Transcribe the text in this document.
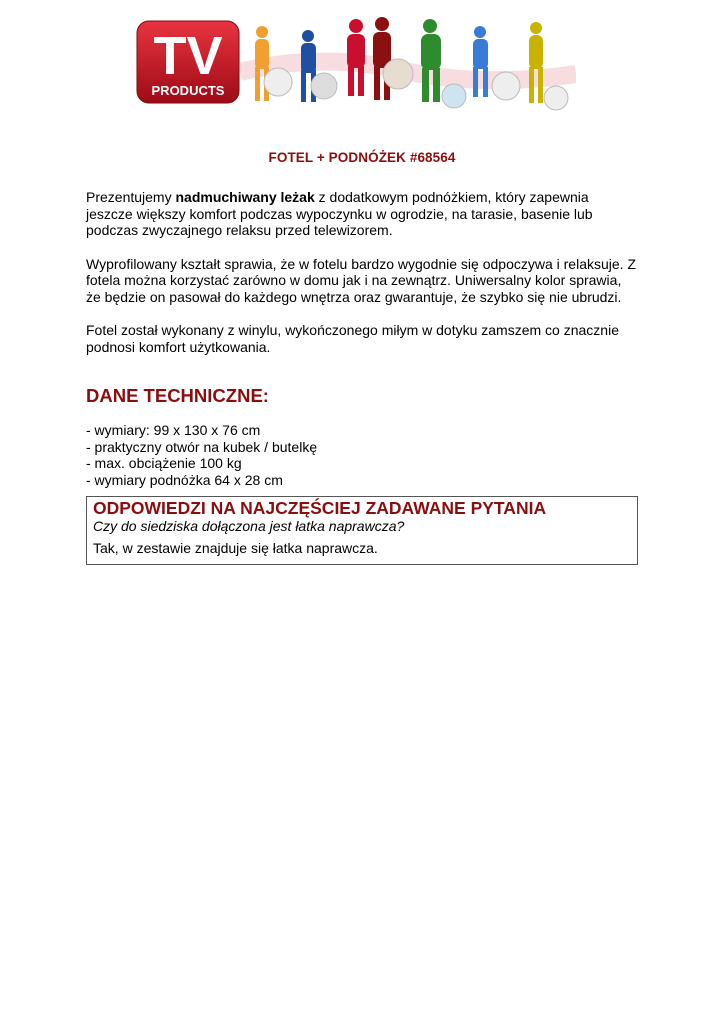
TV
PRODUCTS
FOTEL + PODNÓŻEK #68564

Prezentujemy nadmuchiwany leżak z dodatkowym podnóżkiem, który zapewnia jeszcze większy komfort podczas wypoczynku w ogrodzie, na tarasie, basenie lub podczas zwyczajnego relaksu przed telewizorem.

Wyprofilowany kształt sprawia, że w fotelu bardzo wygodnie się odpoczywa i relaksuje. Z fotela można korzystać zarówno w domu jak i na zewnątrz. Uniwersalny kolor sprawia, że będzie on pasował do każdego wnętrza oraz gwarantuje, że szybko się nie ubrudzi.

Fotel został wykonany z winylu, wykończonego miłym w dotyku zamszem co znacznie podnosi komfort użytkowania.

DANE TECHNICZNE:
- wymiary: 99 x 130 x 76 cm
- praktyczny otwór na kubek / butelkę
- max. obciążenie 100 kg
- wymiary podnóżka 64 x 28 cm
ODPOWIEDZI NA NAJCZĘŚCIEJ ZADAWANE PYTANIA
Czy do siedziska dołączona jest łatka naprawcza?
Tak, w zestawie znajduje się łatka naprawcza.
